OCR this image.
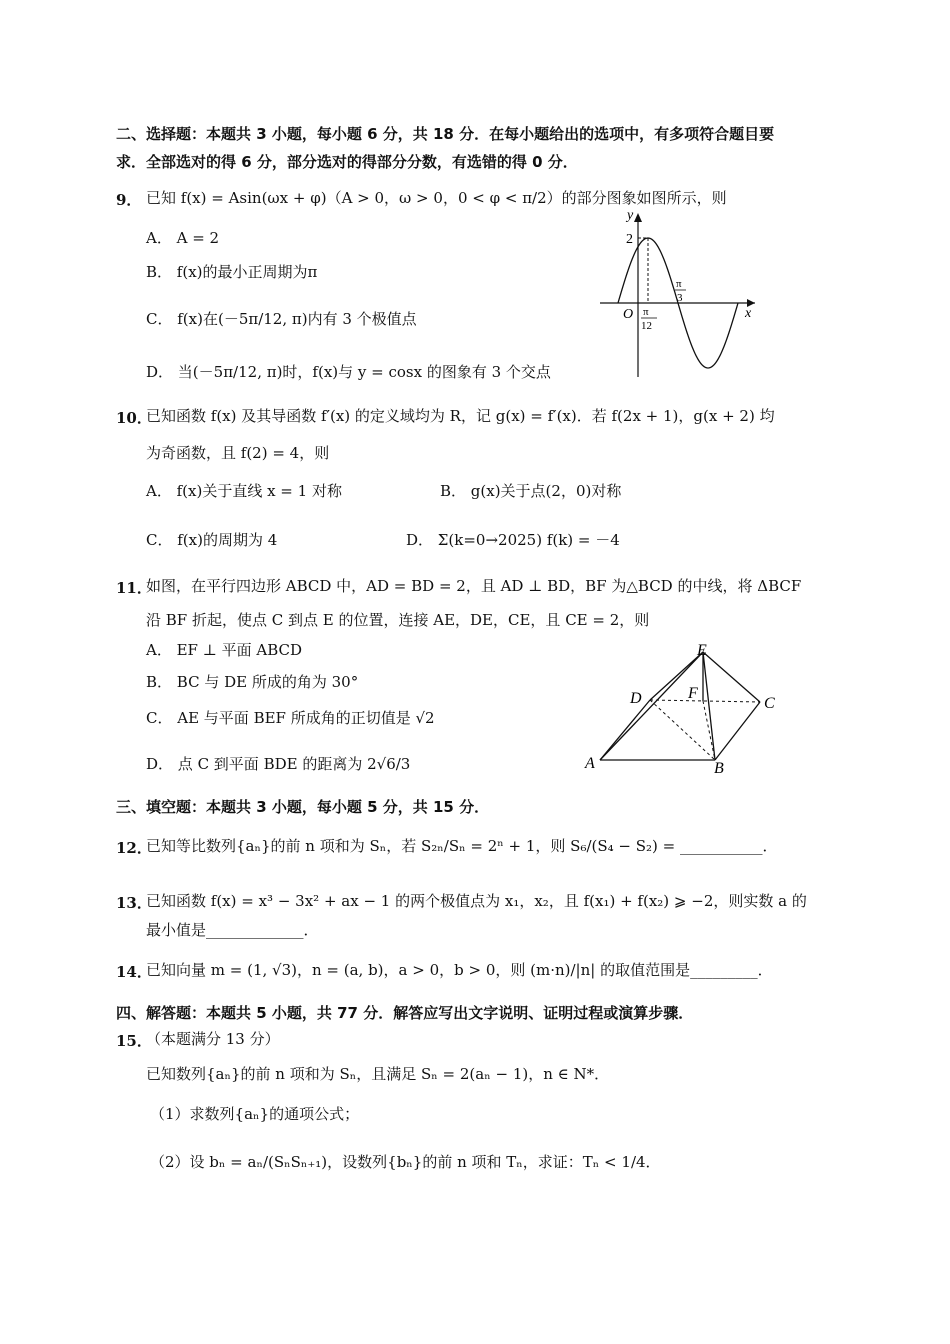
二、选择题：本题共 3 小题，每小题 6 分，共 18 分．在每小题给出的选项中，有多项符合题目要
求．全部选对的得 6 分，部分选对的得部分分数，有选错的得 0 分．
9． 已知 f(x) = Asin(ωx + φ)（A > 0，ω > 0，0 < φ < π/2）的部分图象如图所示，则
A． A = 2
B． f(x)的最小正周期为π
C． f(x)在(－5π/12, π)内有 3 个极值点
D． 当(－5π/12, π)时，f(x)与 y = cosx 的图象有 3 个交点
y
x
O
2
π
12
π
3
10．
已知函数 f(x) 及其导函数 f′(x) 的定义域均为 R，记 g(x) = f′(x)．若 f(2x + 1)，g(x + 2) 均
为奇函数，且 f(2) = 4，则
A． f(x)关于直线 x = 1 对称	B． g(x)关于点(2，0)对称
C． f(x)的周期为 4	D． Σ(k=0→2025) f(k) = －4
11．
如图，在平行四边形 ABCD 中，AD = BD = 2，且 AD ⊥ BD，BF 为△BCD 的中线，将 ΔBCF
沿 BF 折起，使点 C 到点 E 的位置，连接 AE，DE，CE，且 CE = 2，则
A． EF ⊥ 平面 ABCD
B． BC 与 DE 所成的角为 30°
C． AE 与平面 BEF 所成角的正切值是 √2
D． 点 C 到平面 BDE 的距离为 2√6/3
E
F
D	C
A	B
三、填空题：本题共 3 小题，每小题 5 分，共 15 分．
12．
已知等比数列{aₙ}的前 n 项和为 Sₙ，若 S₂ₙ/Sₙ = 2ⁿ + 1，则 S₆/(S₄ − S₂) = ___________．
13．
已知函数 f(x) = x³ − 3x² + ax − 1 的两个极值点为 x₁，x₂，且 f(x₁) + f(x₂) ⩾ −2，则实数 a 的
最小值是_____________．
14．
已知向量 m = (1, √3)，n = (a, b)，a > 0，b > 0，则 (m·n)/|n| 的取值范围是_________．
四、解答题：本题共 5 小题，共 77 分．解答应写出文字说明、证明过程或演算步骤．
15．
（本题满分 13 分）
已知数列{aₙ}的前 n 项和为 Sₙ，且满足 Sₙ = 2(aₙ − 1)，n ∈ N*．
（1）求数列{aₙ}的通项公式；
（2）设 bₙ = aₙ/(SₙSₙ₊₁)，设数列{bₙ}的前 n 项和 Tₙ，求证：Tₙ < 1/4．
